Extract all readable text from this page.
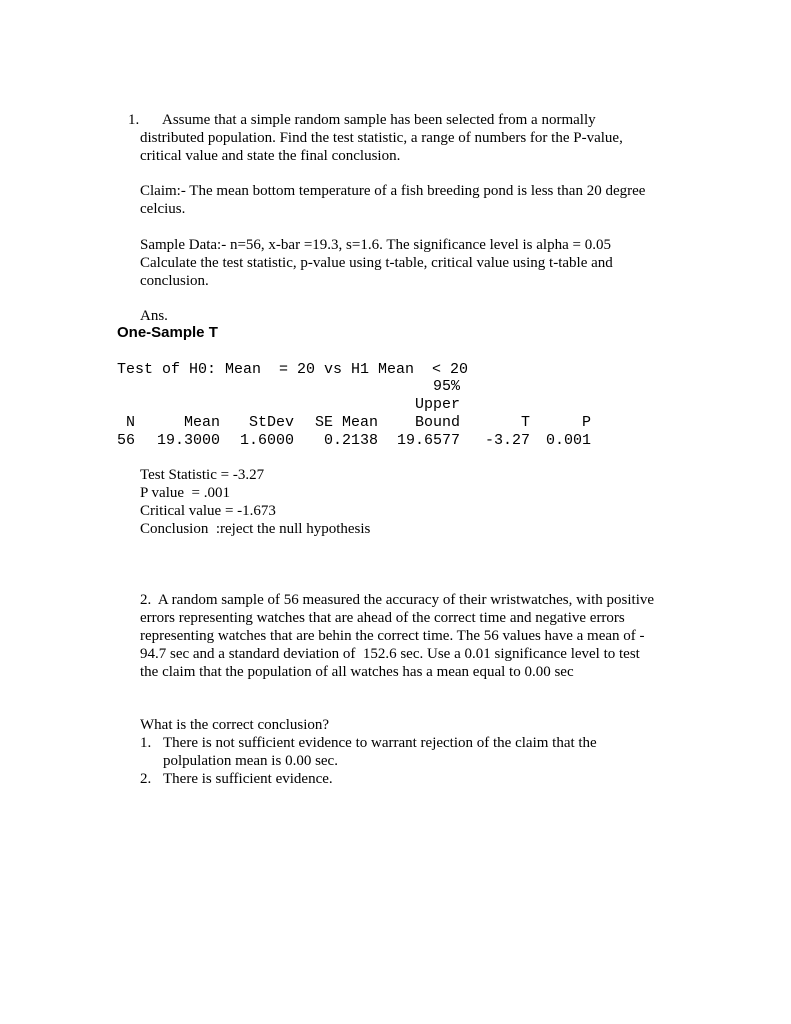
1. Assume that a simple random sample has been selected from a normally
distributed population. Find the test statistic, a range of numbers for the P-value,
critical value and state the final conclusion.
Claim:- The mean bottom temperature of a fish breeding pond is less than 20 degree
celcius.
Sample Data:- n=56, x-bar =19.3, s=1.6. The significance level is alpha = 0.05
Calculate the test statistic, p-value using t-table, critical value using t-table and
conclusion.
Ans.
One-Sample T
Test of H0: Mean  = 20 vs H1 Mean  < 20
95%
Upper
N	Mean	StDev	SE Mean	Bound	T	P
56	19.3000	1.6000	0.2138	19.6577	-3.27	0.001
Test Statistic = -3.27
P value  = .001
Critical value = -1.673
Conclusion  :reject the null hypothesis
2.  A random sample of 56 measured the accuracy of their wristwatches, with positive
errors representing watches that are ahead of the correct time and negative errors
representing watches that are behin the correct time. The 56 values have a mean of -
94.7 sec and a standard deviation of  152.6 sec. Use a 0.01 significance level to test
the claim that the population of all watches has a mean equal to 0.00 sec
What is the correct conclusion?
1. There is not sufficient evidence to warrant rejection of the claim that the
polpulation mean is 0.00 sec.
2. There is sufficient evidence.
